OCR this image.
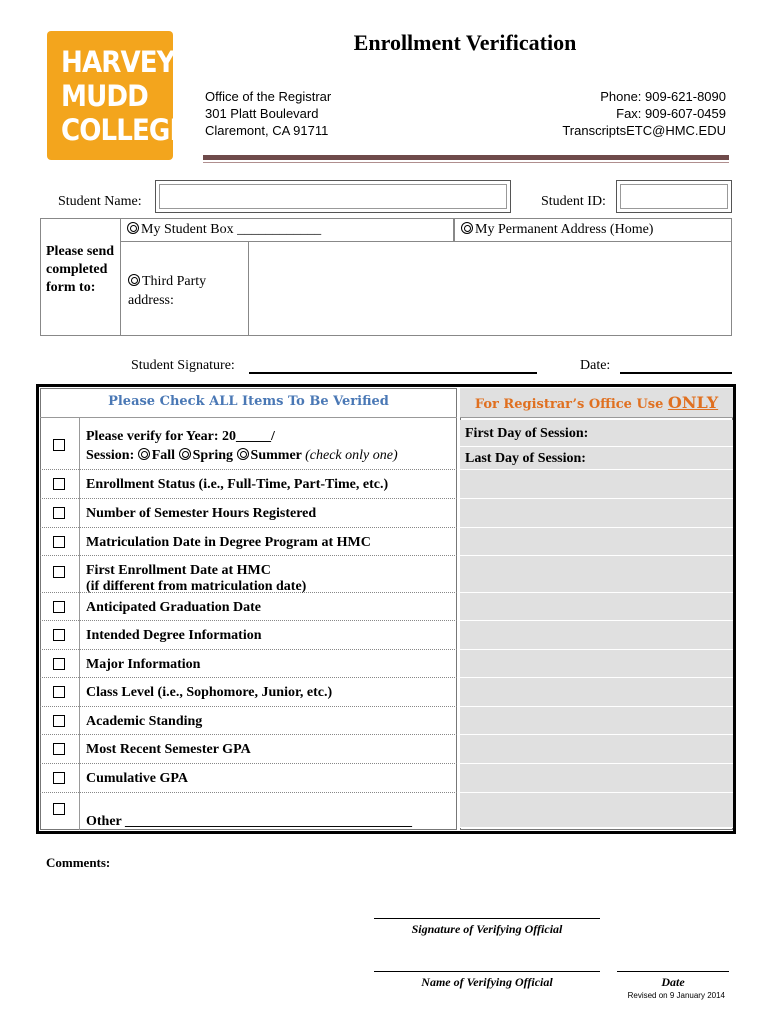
HARVEY
MUDD
COLLEGE
Enrollment Verification
Office of the Registrar
301 Platt Boulevard
Claremont, CA 91711
Phone: 909-621-8090
Fax: 909-607-0459
TranscriptsETC@HMC.EDU
Student Name:	Student ID:
Please send completed form to:
My Student Box ____________	My Permanent Address (Home)
Third Party address:
Student Signature:	Date:
Please Check ALL Items To Be Verified	For Registrar’s Office Use ONLY
Please verify for Year: 20_____/
Session: Fall Spring Summer (check only one)
First Day of Session:
Last Day of Session:
Enrollment Status (i.e., Full-Time, Part-Time, etc.)
Number of Semester Hours Registered
Matriculation Date in Degree Program at HMC
First Enrollment Date at HMC
(if different from matriculation date)
Anticipated Graduation Date
Intended Degree Information
Major Information
Class Level (i.e., Sophomore, Junior, etc.)
Academic Standing
Most Recent Semester GPA
Cumulative GPA
Other _________________________________________
Comments:
Signature of Verifying Official
Name of Verifying Official	Date
Revised on 9 January 2014
